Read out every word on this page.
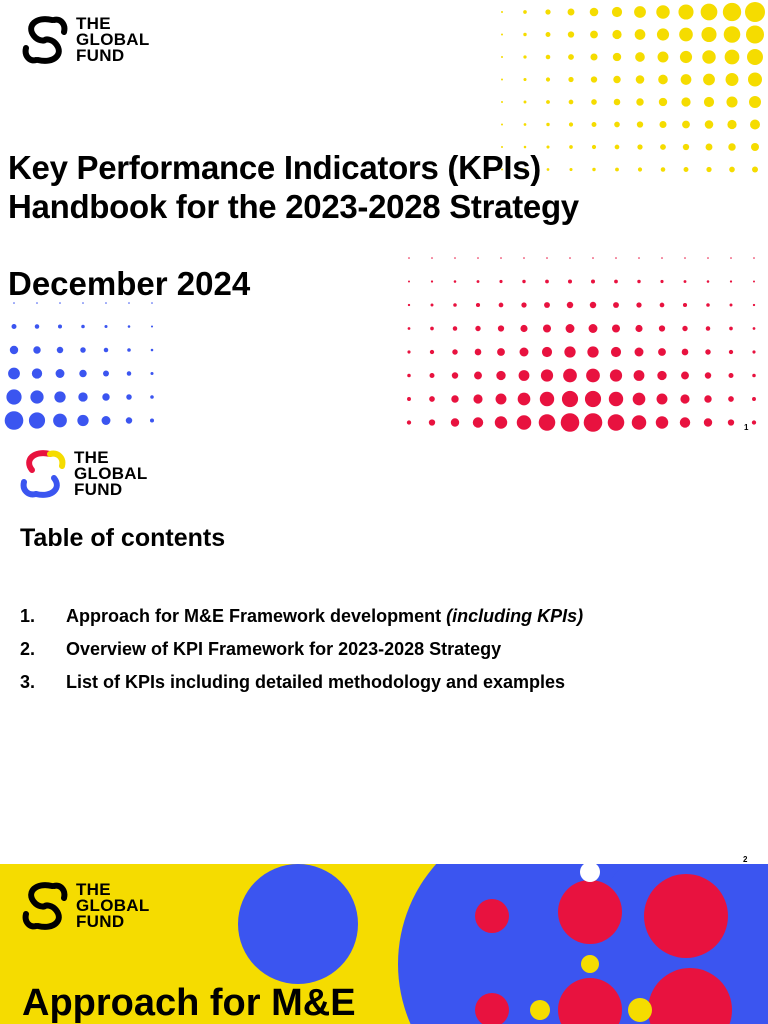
THE
GLOBAL
FUND
Key Performance Indicators (KPIs)
Handbook for the 2023-2028 Strategy
December 2024
1
THE
GLOBAL
FUND
Table of contents
1.	Approach for M&E Framework development
(including KPIs)
2.	Overview of KPI Framework for 2023-2028 Strategy
3.	List of KPIs including detailed methodology and examples
2
THE
GLOBAL
FUND
Approach for M&E
